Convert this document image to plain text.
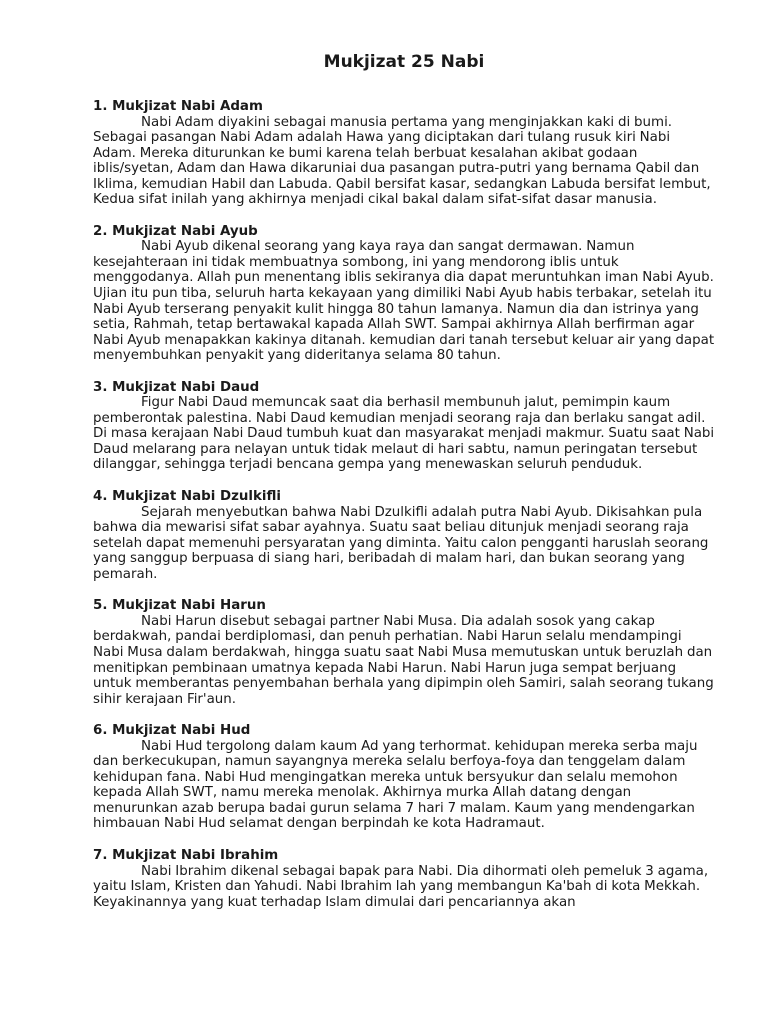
Mukjizat 25 Nabi
1. Mukjizat Nabi Adam
Nabi Adam diyakini sebagai manusia pertama yang menginjakkan kaki di bumi. Sebagai pasangan Nabi Adam adalah Hawa yang diciptakan dari tulang rusuk kiri Nabi Adam. Mereka diturunkan ke bumi karena telah berbuat kesalahan akibat godaan iblis/syetan, Adam dan Hawa dikaruniai dua pasangan putra-putri yang bernama Qabil dan Iklima, kemudian Habil dan Labuda. Qabil bersifat kasar, sedangkan Labuda bersifat lembut, Kedua sifat inilah yang akhirnya menjadi cikal bakal dalam sifat-sifat dasar manusia.
2. Mukjizat Nabi Ayub
Nabi Ayub dikenal seorang yang kaya raya dan sangat dermawan. Namun kesejahteraan ini tidak membuatnya sombong, ini yang mendorong iblis untuk menggodanya. Allah pun menentang iblis sekiranya dia dapat meruntuhkan iman Nabi Ayub. Ujian itu pun tiba, seluruh harta kekayaan yang dimiliki Nabi Ayub habis terbakar, setelah itu Nabi Ayub terserang penyakit kulit hingga 80 tahun lamanya. Namun dia dan istrinya yang setia, Rahmah, tetap bertawakal kapada Allah SWT. Sampai akhirnya Allah berfirman agar Nabi Ayub menapakkan kakinya ditanah. kemudian dari tanah tersebut keluar air yang dapat menyembuhkan penyakit yang dideritanya selama 80 tahun.
3. Mukjizat Nabi Daud
Figur Nabi Daud memuncak saat dia berhasil membunuh jalut, pemimpin kaum pemberontak palestina. Nabi Daud kemudian menjadi seorang raja dan berlaku sangat adil. Di masa kerajaan Nabi Daud tumbuh kuat dan masyarakat menjadi makmur. Suatu saat Nabi Daud melarang para nelayan untuk tidak melaut di hari sabtu, namun peringatan tersebut dilanggar, sehingga terjadi bencana gempa yang menewaskan seluruh penduduk.
4. Mukjizat Nabi Dzulkifli
Sejarah menyebutkan bahwa Nabi Dzulkifli adalah putra Nabi Ayub. Dikisahkan pula bahwa dia mewarisi sifat sabar ayahnya. Suatu saat beliau ditunjuk menjadi seorang raja setelah dapat memenuhi persyaratan yang diminta. Yaitu calon pengganti haruslah seorang yang sanggup berpuasa di siang hari, beribadah di malam hari, dan bukan seorang yang pemarah.
5. Mukjizat Nabi Harun
Nabi Harun disebut sebagai partner Nabi Musa. Dia adalah sosok yang cakap berdakwah, pandai berdiplomasi, dan penuh perhatian. Nabi Harun selalu mendampingi Nabi Musa dalam berdakwah, hingga suatu saat Nabi Musa memutuskan untuk beruzlah dan menitipkan pembinaan umatnya kepada Nabi Harun. Nabi Harun juga sempat berjuang untuk memberantas penyembahan berhala yang dipimpin oleh Samiri, salah seorang tukang sihir kerajaan Fir'aun.
6. Mukjizat Nabi Hud
Nabi Hud tergolong dalam kaum Ad yang terhormat. kehidupan mereka serba maju dan berkecukupan, namun sayangnya mereka selalu berfoya-foya dan tenggelam dalam kehidupan fana. Nabi Hud mengingatkan mereka untuk bersyukur dan selalu memohon kepada Allah SWT, namu mereka menolak. Akhirnya murka Allah datang dengan menurunkan azab berupa badai gurun selama 7 hari 7 malam. Kaum yang mendengarkan himbauan Nabi Hud selamat dengan berpindah ke kota Hadramaut.
7. Mukjizat Nabi Ibrahim
Nabi Ibrahim dikenal sebagai bapak para Nabi. Dia dihormati oleh pemeluk 3 agama, yaitu Islam, Kristen dan Yahudi. Nabi Ibrahim lah yang membangun Ka'bah di kota Mekkah. Keyakinannya yang kuat terhadap Islam dimulai dari pencariannya akan
